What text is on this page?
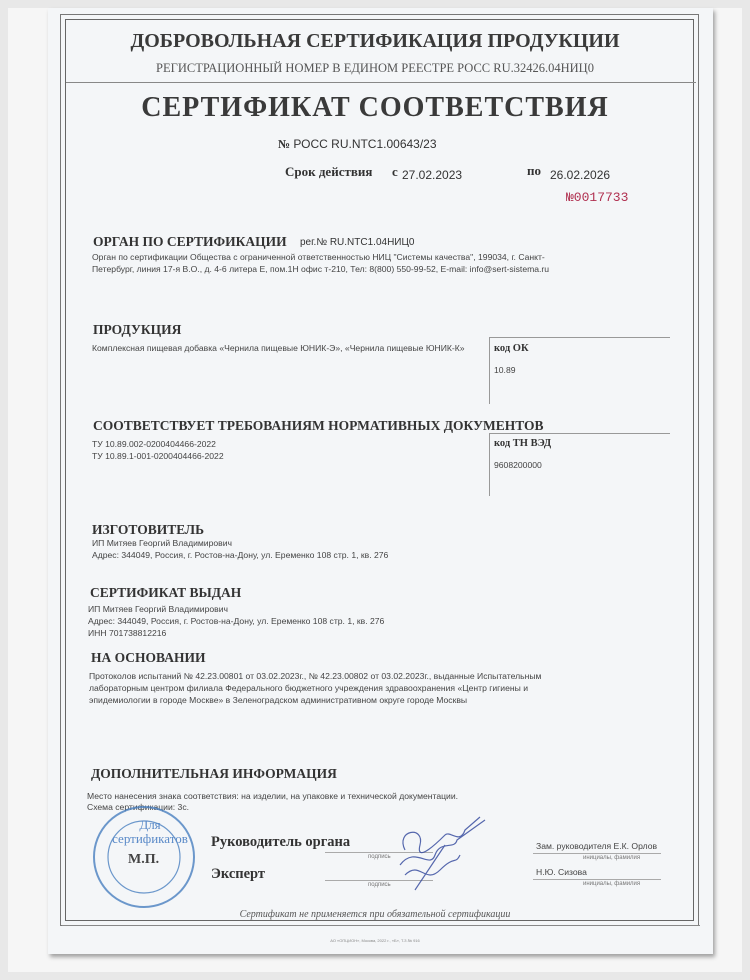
ДОБРОВОЛЬНАЯ СЕРТИФИКАЦИЯ ПРОДУКЦИИ
РЕГИСТРАЦИОННЫЙ НОМЕР В ЕДИНОМ РЕЕСТРЕ РОСС RU.32426.04НИЦ0
СЕРТИФИКАТ СООТВЕТСТВИЯ
№ РОСС RU.NTC1.00643/23
Срок действия с 27.02.2023	по 26.02.2026
№0017733
ОРГАН ПО СЕРТИФИКАЦИИ рег.№ RU.NTC1.04НИЦ0
Орган по сертификации Общества с ограниченной ответственностью НИЦ "Системы качества", 199034, г. Санкт-
Петербург, линия 17-я В.О., д. 4-6 литера Е, пом.1Н офис т-210, Тел: 8(800) 550-99-52, E-mail: info@sert-sistema.ru
ПРОДУКЦИЯ
Комплексная пищевая добавка «Чернила пищевые ЮНИК-Э», «Чернила пищевые ЮНИК-К»	код ОК
10.89
СООТВЕТСТВУЕТ ТРЕБОВАНИЯМ НОРМАТИВНЫХ ДОКУМЕНТОВ
ТУ 10.89.002-0200404466-2022
ТУ 10.89.1-001-0200404466-2022
код ТН ВЭД
9608200000
ИЗГОТОВИТЕЛЬ
ИП Митяев Георгий Владимирович
Адрес: 344049, Россия, г. Ростов-на-Дону, ул. Еременко 108 стр. 1, кв. 276
СЕРТИФИКАТ ВЫДАН
ИП Митяев Георгий Владимирович
Адрес: 344049, Россия, г. Ростов-на-Дону, ул. Еременко 108 стр. 1, кв. 276
ИНН 701738812216
НА ОСНОВАНИИ
Протоколов испытаний № 42.23.00801 от 03.02.2023г., № 42.23.00802 от 03.02.2023г., выданные Испытательным
лабораторным центром филиала Федерального бюджетного учреждения здравоохранения «Центр гигиены и
эпидемиологии в городе Москве» в Зеленоградском административном округе городе Москвы
ДОПОЛНИТЕЛЬНАЯ ИНФОРМАЦИЯ
Место нанесения знака соответствия: на изделии, на упаковке и технической документации.
Схема сертификации: 3с.
Для сертификатов
М.П.
Руководитель органа
подпись
Зам. руководителя Е.К. Орлов
инициалы, фамилия
Эксперт
подпись
Н.Ю. Сизова
инициалы, фамилия
Сертификат не применяется при обязательной сертификации
АО «ОПЦИОН», Москва, 2022 г., «Б», Т.З.№ 916
